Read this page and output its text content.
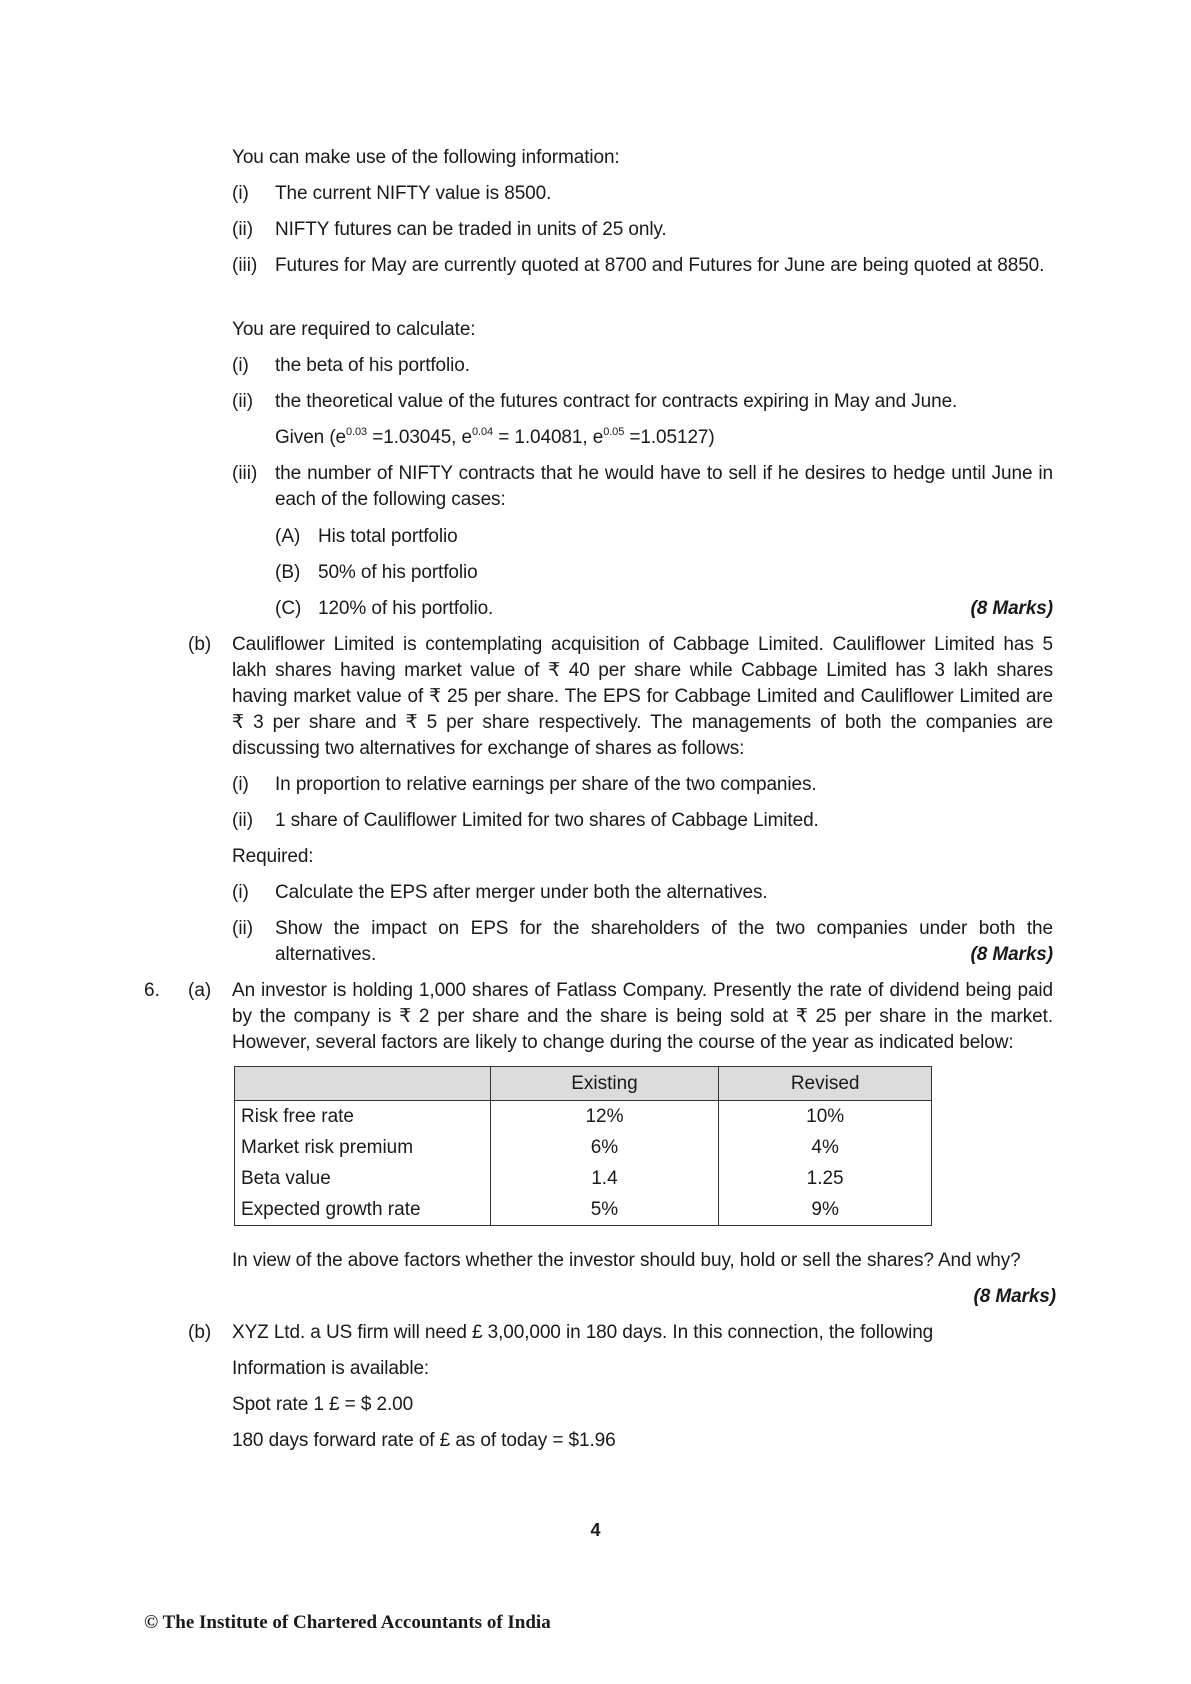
You can make use of the following information:
(i) The current NIFTY value is 8500.
(ii) NIFTY futures can be traded in units of 25 only.
(iii) Futures for May are currently quoted at 8700 and Futures for June are being quoted at 8850.
You are required to calculate:
(i) the beta of his portfolio.
(ii) the theoretical value of the futures contract for contracts expiring in May and June.
Given ($e^{0.03} =1.03045$, $e^{0.04} = 1.04081$, $e^{0.05} =1.05127$)
(iii) the number of NIFTY contracts that he would have to sell if he desires to hedge until June in each of the following cases:
(A) His total portfolio
(B) 50% of his portfolio
(C) 120% of his portfolio.	(8 Marks)
(b) Cauliflower Limited is contemplating acquisition of Cabbage Limited. Cauliflower Limited has 5 lakh shares having market value of ₹ 40 per share while Cabbage Limited has 3 lakh shares having market value of ₹ 25 per share. The EPS for Cabbage Limited and Cauliflower Limited are ₹ 3 per share and ₹ 5 per share respectively. The managements of both the companies are discussing two alternatives for exchange of shares as follows:
(i) In proportion to relative earnings per share of the two companies.
(ii) 1 share of Cauliflower Limited for two shares of Cabbage Limited.
Required:
(i) Calculate the EPS after merger under both the alternatives.
(ii) Show the impact on EPS for the shareholders of the two companies under both the alternatives.	(8 Marks)
6. (a) An investor is holding 1,000 shares of Fatlass Company. Presently the rate of dividend being paid by the company is ₹ 2 per share and the share is being sold at ₹ 25 per share in the market. However, several factors are likely to change during the course of the year as indicated below:
	Existing	Revised
Risk free rate	12%	10%
Market risk premium	6%	4%
Beta value	1.4	1.25
Expected growth rate	5%	9%
In view of the above factors whether the investor should buy, hold or sell the shares? And why?
(8 Marks)
(b) XYZ Ltd. a US firm will need £ 3,00,000 in 180 days. In this connection, the following
Information is available:
Spot rate 1 £ = $ 2.00
180 days forward rate of £ as of today = $1.96
4
© The Institute of Chartered Accountants of India
